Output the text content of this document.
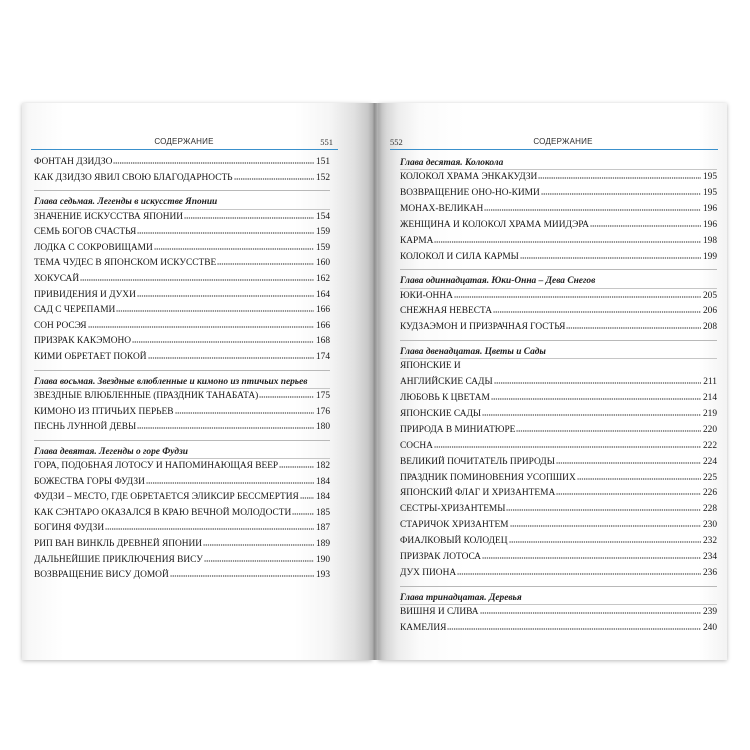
СОДЕРЖАНИЕ	551
ФОНТАН ДЗИДЗО	151
КАК ДЗИДЗО ЯВИЛ СВОЮ БЛАГОДАРНОСТЬ	152
Глава седьмая. Легенды в искусстве Японии
ЗНАЧЕНИЕ ИСКУССТВА ЯПОНИИ	154
СЕМЬ БОГОВ СЧАСТЬЯ	159
ЛОДКА С СОКРОВИЩАМИ	159
ТЕМА ЧУДЕС В ЯПОНСКОМ ИСКУССТВЕ	160
ХОКУСАЙ	162
ПРИВИДЕНИЯ И ДУХИ	164
САД С ЧЕРЕПАМИ	166
СОН РОСЭЯ	166
ПРИЗРАК КАКЭМОНО	168
КИМИ ОБРЕТАЕТ ПОКОЙ	174
Глава восьмая. Звездные влюбленные и кимоно из птичьих перьев
ЗВЕЗДНЫЕ ВЛЮБЛЕННЫЕ (ПРАЗДНИК ТАНАБАТА)	175
КИМОНО ИЗ ПТИЧЬИХ ПЕРЬЕВ	176
ПЕСНЬ ЛУННОЙ ДЕВЫ	180
Глава девятая. Легенды о горе Фудзи
ГОРА, ПОДОБНАЯ ЛОТОСУ И НАПОМИНАЮЩАЯ ВЕЕР	182
БОЖЕСТВА ГОРЫ ФУДЗИ	184
ФУДЗИ – МЕСТО, ГДЕ ОБРЕТАЕТСЯ ЭЛИКСИР БЕССМЕРТИЯ 184
КАК СЭНТАРО ОКАЗАЛСЯ В КРАЮ ВЕЧНОЙ МОЛОДОСТИ	185
БОГИНЯ ФУДЗИ	187
РИП ВАН ВИНКЛЬ ДРЕВНЕЙ ЯПОНИИ	189
ДАЛЬНЕЙШИЕ ПРИКЛЮЧЕНИЯ ВИСУ	190
ВОЗВРАЩЕНИЕ ВИСУ ДОМОЙ	193
552	СОДЕРЖАНИЕ
Глава десятая. Колокола
КОЛОКОЛ ХРАМА ЭНКАКУДЗИ	195
ВОЗВРАЩЕНИЕ ОНО-НО-КИМИ	195
МОНАХ-ВЕЛИКАН	196
ЖЕНЩИНА И КОЛОКОЛ ХРАМА МИИДЭРА	196
КАРМА	198
КОЛОКОЛ И СИЛА КАРМЫ	199
Глава одиннадцатая. Юки-Онна – Дева Снегов
ЮКИ-ОННА	205
СНЕЖНАЯ НЕВЕСТА	206
КУДЗАЭМОН И ПРИЗРАЧНАЯ ГОСТЬЯ	208
Глава двенадцатая. Цветы и Сады
ЯПОНСКИЕ И
АНГЛИЙСКИЕ САДЫ	211
ЛЮБОВЬ К ЦВЕТАМ	214
ЯПОНСКИЕ САДЫ	219
ПРИРОДА В МИНИАТЮРЕ	220
СОСНА	222
ВЕЛИКИЙ ПОЧИТАТЕЛЬ ПРИРОДЫ	224
ПРАЗДНИК ПОМИНОВЕНИЯ УСОПШИХ	225
ЯПОНСКИЙ ФЛАГ И ХРИЗАНТЕМА	226
СЕСТРЫ-ХРИЗАНТЕМЫ	228
СТАРИЧОК ХРИЗАНТЕМ	230
ФИАЛКОВЫЙ КОЛОДЕЦ	232
ПРИЗРАК ЛОТОСА	234
ДУХ ПИОНА	236
Глава тринадцатая. Деревья
ВИШНЯ И СЛИВА	239
КАМЕЛИЯ	240
